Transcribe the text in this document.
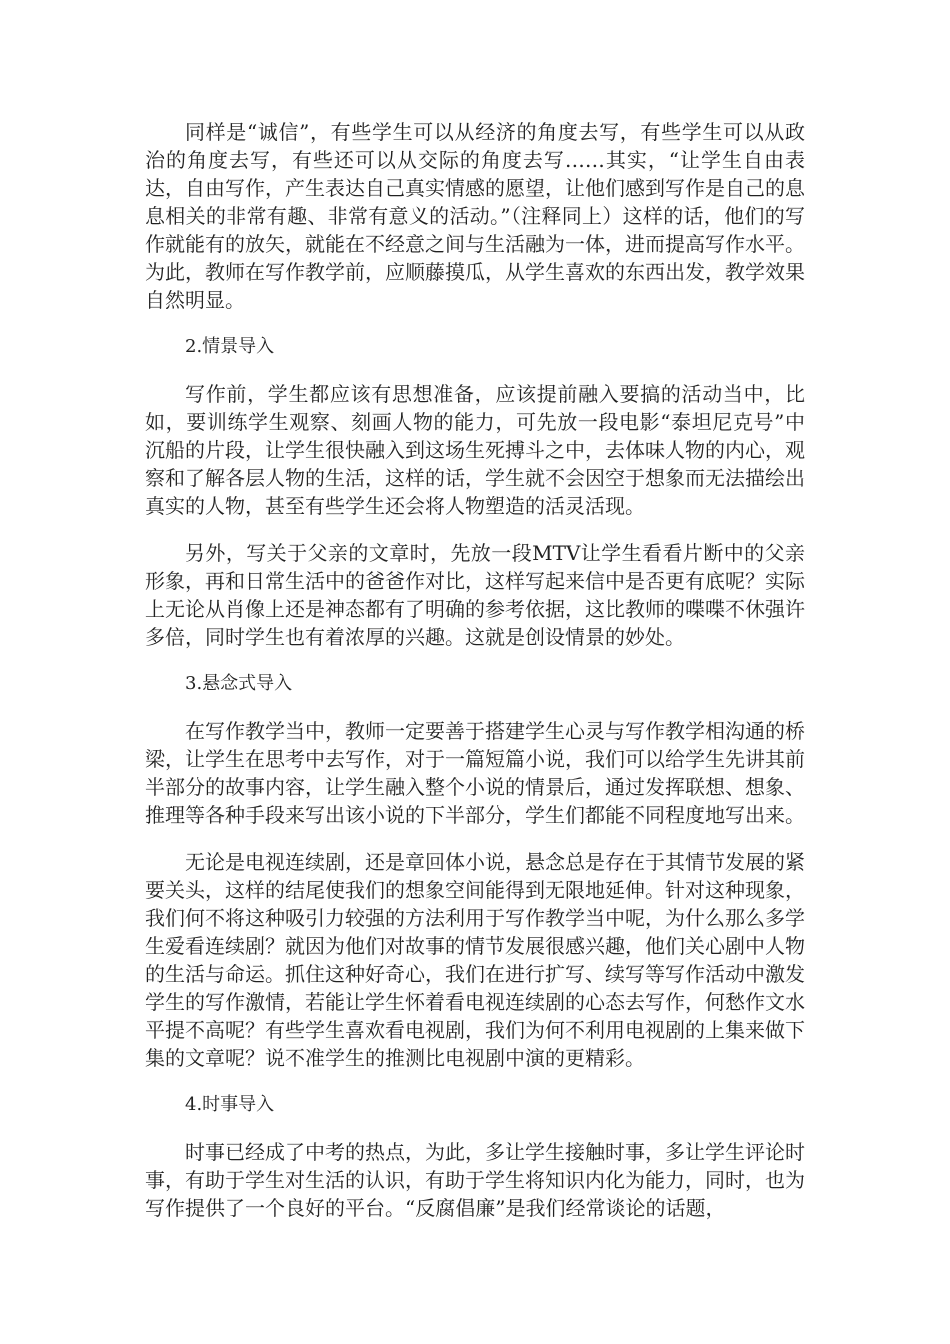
同样是“诚信”，有些学生可以从经济的角度去写，有些学生可以从政治的角度去写，有些还可以从交际的角度去写……其实，“让学生自由表达，自由写作，产生表达自己真实情感的愿望，让他们感到写作是自己的息息相关的非常有趣、非常有意义的活动。”（注释同上）这样的话，他们的写作就能有的放矢，就能在不经意之间与生活融为一体，进而提高写作水平。为此，教师在写作教学前，应顺藤摸瓜，从学生喜欢的东西出发，教学效果自然明显。

2.情景导入

写作前，学生都应该有思想准备，应该提前融入要搞的活动当中，比如，要训练学生观察、刻画人物的能力，可先放一段电影“泰坦尼克号”中沉船的片段，让学生很快融入到这场生死搏斗之中，去体味人物的内心，观察和了解各层人物的生活，这样的话，学生就不会因空于想象而无法描绘出真实的人物，甚至有些学生还会将人物塑造的活灵活现。

另外，写关于父亲的文章时，先放一段MTV让学生看看片断中的父亲形象，再和日常生活中的爸爸作对比，这样写起来信中是否更有底呢？实际上无论从肖像上还是神态都有了明确的参考依据，这比教师的喋喋不休强许多倍，同时学生也有着浓厚的兴趣。这就是创设情景的妙处。

3.悬念式导入

在写作教学当中，教师一定要善于搭建学生心灵与写作教学相沟通的桥梁，让学生在思考中去写作，对于一篇短篇小说，我们可以给学生先讲其前半部分的故事内容，让学生融入整个小说的情景后，通过发挥联想、想象、推理等各种手段来写出该小说的下半部分，学生们都能不同程度地写出来。

无论是电视连续剧，还是章回体小说，悬念总是存在于其情节发展的紧要关头，这样的结尾使我们的想象空间能得到无限地延伸。针对这种现象，我们何不将这种吸引力较强的方法利用于写作教学当中呢，为什么那么多学生爱看连续剧？就因为他们对故事的情节发展很感兴趣，他们关心剧中人物的生活与命运。抓住这种好奇心，我们在进行扩写、续写等写作活动中激发学生的写作激情，若能让学生怀着看电视连续剧的心态去写作，何愁作文水平提不高呢？有些学生喜欢看电视剧，我们为何不利用电视剧的上集来做下集的文章呢？说不准学生的推测比电视剧中演的更精彩。

4.时事导入

时事已经成了中考的热点，为此，多让学生接触时事，多让学生评论时事，有助于学生对生活的认识，有助于学生将知识内化为能力，同时，也为写作提供了一个良好的平台。“反腐倡廉”是我们经常谈论的话题，
